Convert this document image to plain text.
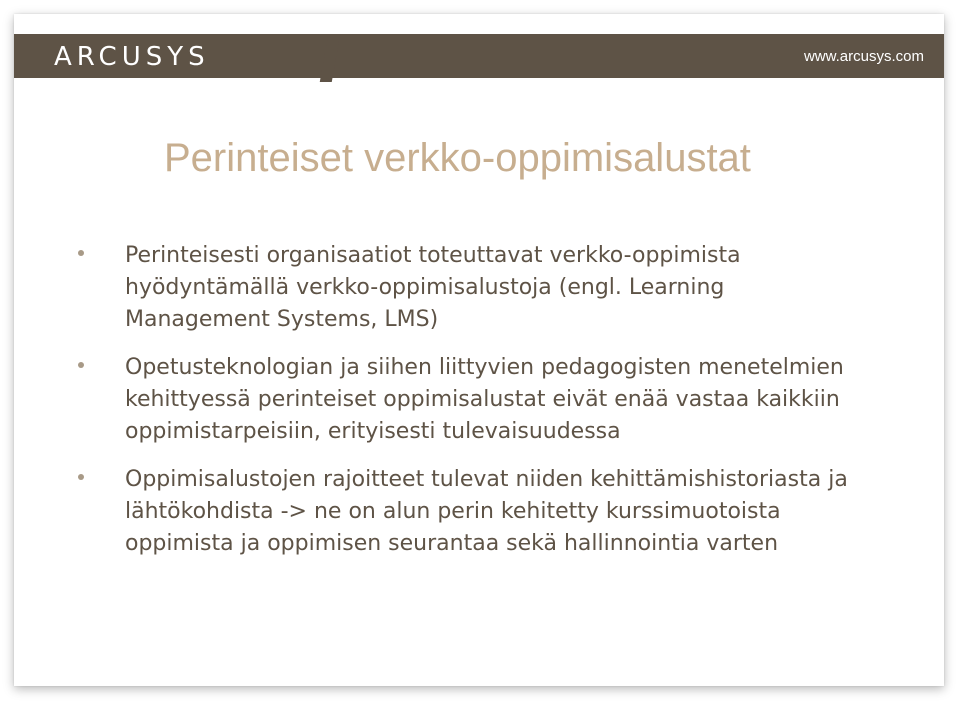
ARCUSYS	www.arcusys.com
Perinteiset verkko-oppimisalustat
Perinteisesti organisaatiot toteuttavat verkko-oppimista hyödyntämällä verkko-oppimisalustoja (engl. Learning Management Systems, LMS)
Opetusteknologian ja siihen liittyvien pedagogisten menetelmien kehittyessä perinteiset oppimisalustat eivät enää vastaa kaikkiin oppimistarpeisiin, erityisesti tulevaisuudessa
Oppimisalustojen rajoitteet tulevat niiden kehittämishistoriasta ja lähtökohdista -> ne on alun perin kehitetty kurssimuotoista oppimista ja oppimisen seurantaa sekä hallinnointia varten
